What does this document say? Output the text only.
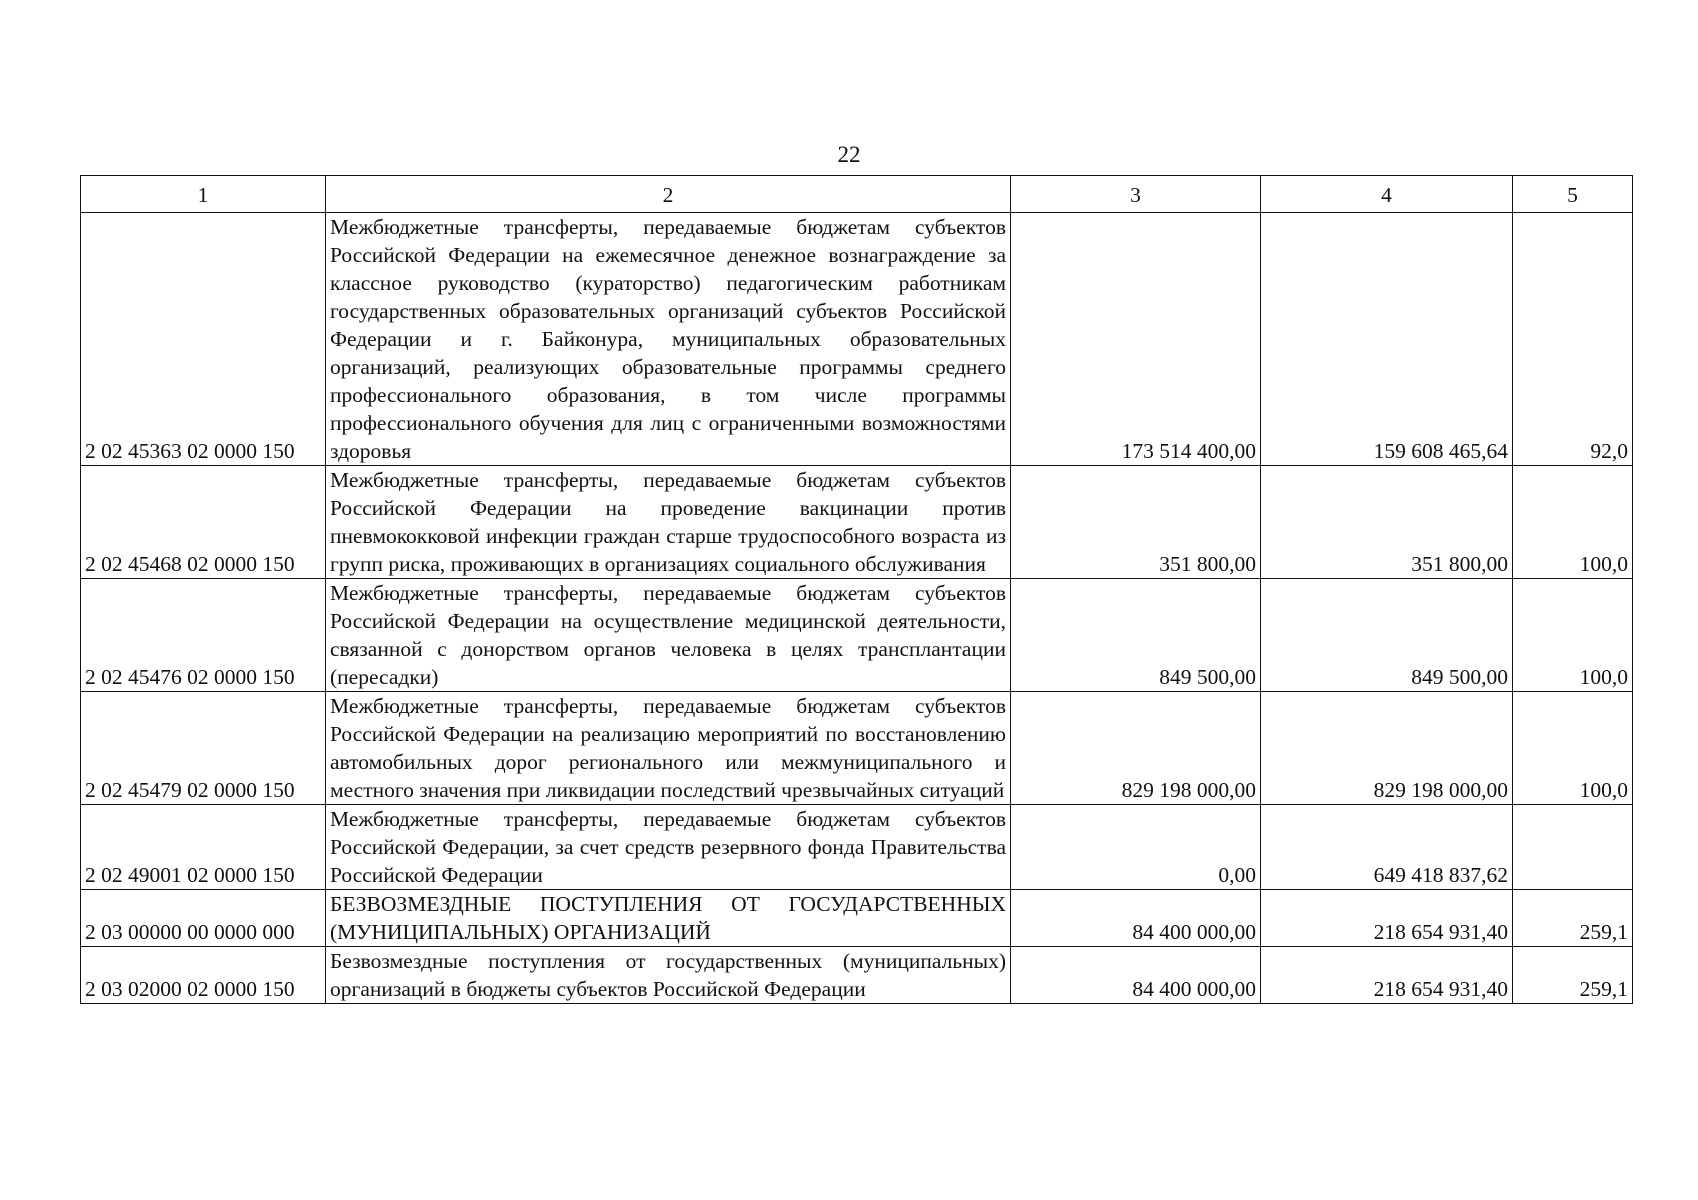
22
1	2	3	4	5
2 02 45363 02 0000 150	Межбюджетные трансферты, передаваемые бюджетам субъектов Российской Федерации на ежемесячное денежное вознаграждение за классное руководство (кураторство) педагогическим работникам государственных образовательных организаций субъектов Российской Федерации и г. Байконура, муниципальных образовательных организаций, реализующих образовательные программы среднего профессионального образования, в том числе программы профессионального обучения для лиц с ограниченными возможностями здоровья	173 514 400,00	159 608 465,64	92,0
2 02 45468 02 0000 150	Межбюджетные трансферты, передаваемые бюджетам субъектов Российской Федерации на проведение вакцинации против пневмококковой инфекции граждан старше трудоспособного возраста из групп риска, проживающих в организациях социального обслуживания	351 800,00	351 800,00	100,0
2 02 45476 02 0000 150	Межбюджетные трансферты, передаваемые бюджетам субъектов Российской Федерации на осуществление медицинской деятельности, связанной с донорством органов человека в целях трансплантации (пересадки)	849 500,00	849 500,00	100,0
2 02 45479 02 0000 150	Межбюджетные трансферты, передаваемые бюджетам субъектов Российской Федерации на реализацию мероприятий по восстановлению автомобильных дорог регионального или межмуниципального и местного значения при ликвидации последствий чрезвычайных ситуаций	829 198 000,00	829 198 000,00	100,0
2 02 49001 02 0000 150	Межбюджетные трансферты, передаваемые бюджетам субъектов Российской Федерации, за счет средств резервного фонда Правительства Российской Федерации	0,00	649 418 837,62	
2 03 00000 00 0000 000	БЕЗВОЗМЕЗДНЫЕ ПОСТУПЛЕНИЯ ОТ ГОСУДАРСТВЕННЫХ (МУНИЦИПАЛЬНЫХ) ОРГАНИЗАЦИЙ	84 400 000,00	218 654 931,40	259,1
2 03 02000 02 0000 150	Безвозмездные поступления от государственных (муниципальных) организаций в бюджеты субъектов Российской Федерации	84 400 000,00	218 654 931,40	259,1
